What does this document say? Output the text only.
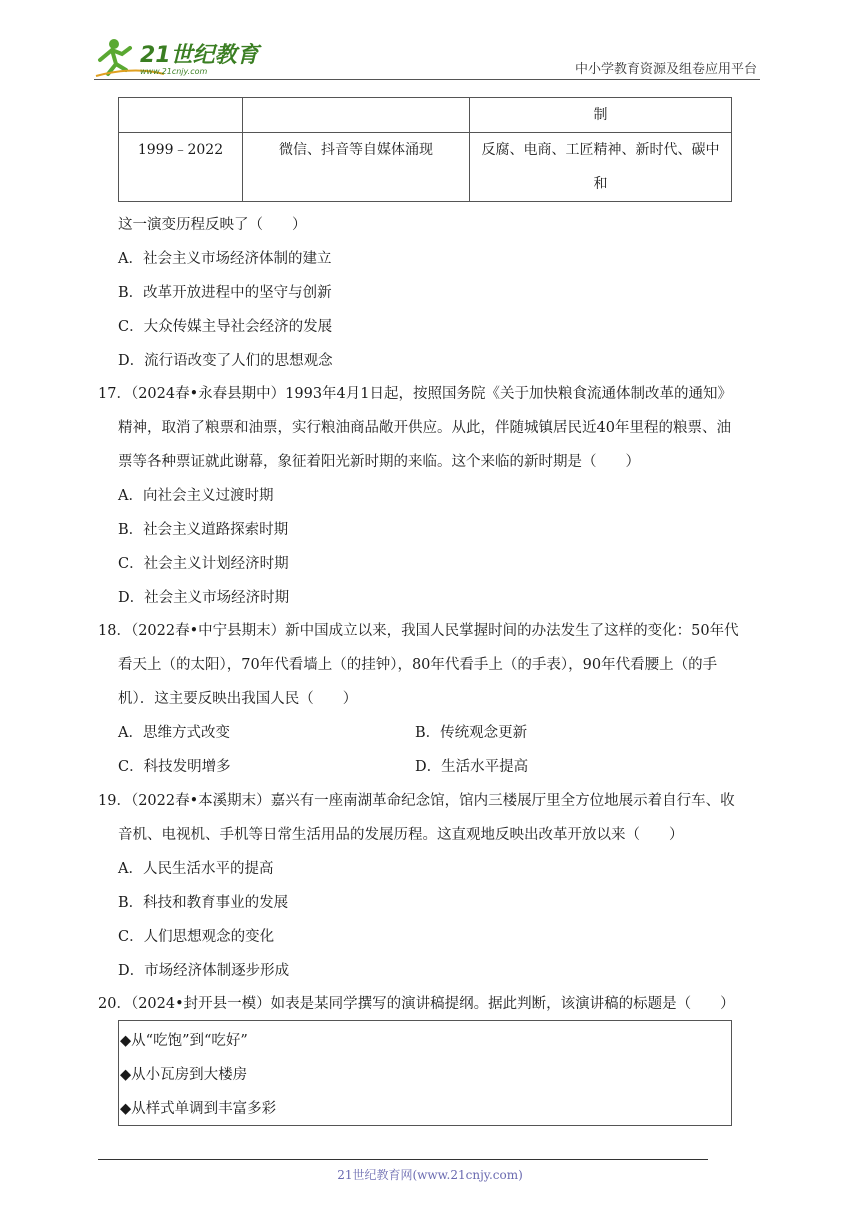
21世纪教育
www.21cnjy.com	中小学教育资源及组卷应用平台

		制

1999﹣2022	微信、抖音等自媒体涌现	反腐、电商、工匠精神、新时代、碳中
和
这一演变历程反映了（　　）
A．社会主义市场经济体制的建立
B．改革开放进程中的坚守与创新
C．大众传媒主导社会经济的发展
D．流行语改变了人们的思想观念
17．（2024春•永春县期中）1993年4月1日起，按照国务院《关于加快粮食流通体制改革的通知》
精神，取消了粮票和油票，实行粮油商品敞开供应。从此，伴随城镇居民近40年里程的粮票、油
票等各种票证就此谢幕，象征着阳光新时期的来临。这个来临的新时期是（　　）
A．向社会主义过渡时期
B．社会主义道路探索时期
C．社会主义计划经济时期
D．社会主义市场经济时期
18．（2022春•中宁县期末）新中国成立以来，我国人民掌握时间的办法发生了这样的变化：50年代
看天上（的太阳），70年代看墙上（的挂钟），80年代看手上（的手表），90年代看腰上（的手
机）．这主要反映出我国人民（　　）
A．思维方式改变	B．传统观念更新
C．科技发明增多	D．生活水平提高
19．（2022春•本溪期末）嘉兴有一座南湖革命纪念馆，馆内三楼展厅里全方位地展示着自行车、收
音机、电视机、手机等日常生活用品的发展历程。这直观地反映出改革开放以来（　　）
A．人民生活水平的提高
B．科技和教育事业的发展
C．人们思想观念的变化
D．市场经济体制逐步形成
20．（2024•封开县一模）如表是某同学撰写的演讲稿提纲。据此判断，该演讲稿的标题是（　　）
◆从“吃饱”到“吃好”
◆从小瓦房到大楼房
◆从样式单调到丰富多彩
21世纪教育网(www.21cnjy.com)
